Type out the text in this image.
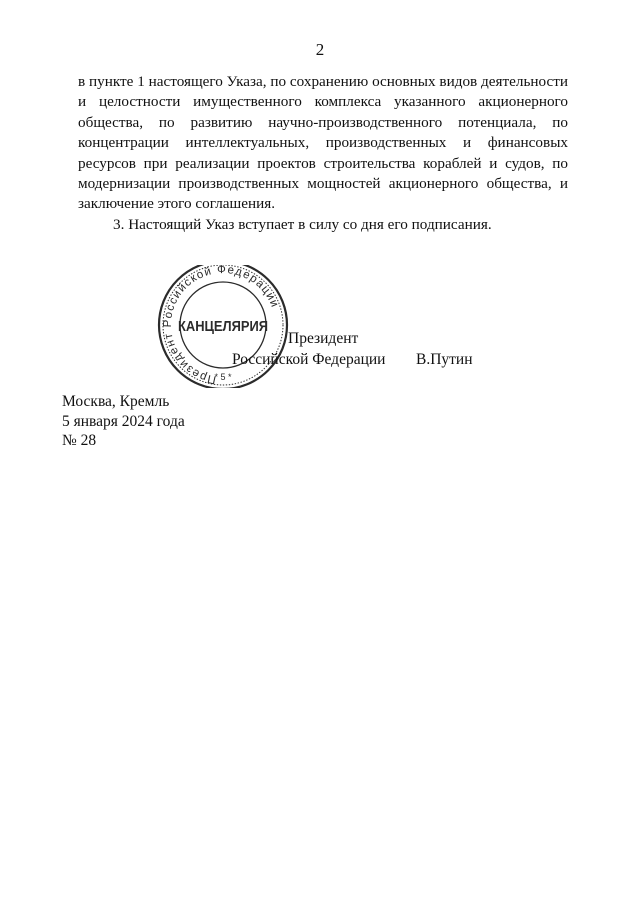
2

в пункте 1 настоящего Указа, по сохранению основных видов деятельности и целостности имущественного комплекса указанного акционерного общества, по развитию научно-производственного потенциала, по концентрации интеллектуальных, производственных и финансовых ресурсов при реализации проектов строительства кораблей и судов, по модернизации производственных мощностей акционерного общества, и заключение этого соглашения.

3. Настоящий Указ вступает в силу со дня его подписания.

Президент Российской Федерации
КАНЦЕЛЯРИЯ
* 5 *
Президент
Российской Федерации В.Путин
Москва, Кремль
5 января 2024 года
№ 28
